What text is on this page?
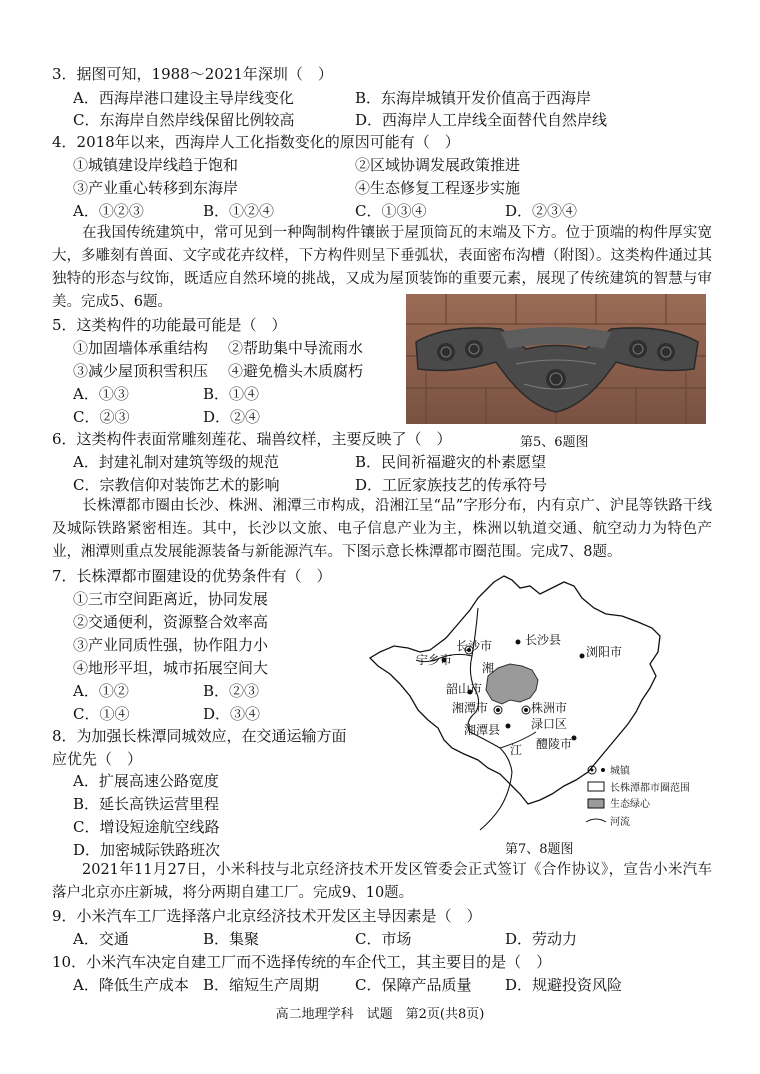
3．据图可知，1988～2021年深圳（　）
A．西海岸港口建设主导岸线变化	B．东海岸城镇开发价值高于西海岸
C．东海岸自然岸线保留比例较高	D．西海岸人工岸线全面替代自然岸线
4．2018年以来，西海岸人工化指数变化的原因可能有（　）
①城镇建设岸线趋于饱和	②区域协调发展政策推进
③产业重心转移到东海岸	④生态修复工程逐步实施
A．①②③	B．①②④	C．①③④	D．②③④
在我国传统建筑中，常可见到一种陶制构件镶嵌于屋顶筒瓦的末端及下方。位于顶端的构件厚实宽大，多雕刻有兽面、文字或花卉纹样，下方构件则呈下垂弧状，表面密布沟槽（附图）。这类构件通过其独特的形态与纹饰，既适应自然环境的挑战，又成为屋顶装饰的重要元素，展现了传统建筑的智慧与审美。完成5、6题。
5．这类构件的功能最可能是（　）
①加固墙体承重结构 ②帮助集中导流雨水
③减少屋顶积雪积压 ④避免檐头木质腐朽
A．①③	B．①④
C．②③	D．②④
第5、6题图
6．这类构件表面常雕刻莲花、瑞兽纹样，主要反映了（　）
A．封建礼制对建筑等级的规范	B．民间祈福避灾的朴素愿望
C．宗教信仰对装饰艺术的影响	D．工匠家族技艺的传承符号
长株潭都市圈由长沙、株洲、湘潭三市构成，沿湘江呈“品”字形分布，内有京广、沪昆等铁路干线及城际铁路紧密相连。其中，长沙以文旅、电子信息产业为主，株洲以轨道交通、航空动力为特色产业，湘潭则重点发展能源装备与新能源汽车。下图示意长株潭都市圈范围。完成7、8题。
7．长株潭都市圈建设的优势条件有（　）
①三市空间距离近，协同发展
②交通便利，资源整合效率高
③产业同质性强，协作阻力小
④地形平坦，城市拓展空间大
A．①②	B．②③
C．①④	D．③④
8．为加强长株潭同城效应，在交通运输方面
应优先（　）
A．扩展高速公路宽度
B．延长高铁运营里程
C．增设短途航空线路
D．加密城际铁路班次
长沙市	长沙县
浏阳市
宁乡市
湘
韶山市
湘潭市	株洲市
渌口区
湘潭县
江 醴陵市
城镇
长株潭都市圈范围
生态绿心
河流
第7、8题图
2021年11月27日，小米科技与北京经济技术开发区管委会正式签订《合作协议》，宣告小米汽车落户北京亦庄新城，将分两期自建工厂。完成9、10题。
9．小米汽车工厂选择落户北京经济技术开发区主导因素是（　）
A．交通	B．集聚	C．市场	D．劳动力
10．小米汽车决定自建工厂而不选择传统的车企代工，其主要目的是（　）
A．降低生产成本 B．缩短生产周期 C．保障产品质量 D．规避投资风险
高二地理学科　试题　第2页(共8页)
